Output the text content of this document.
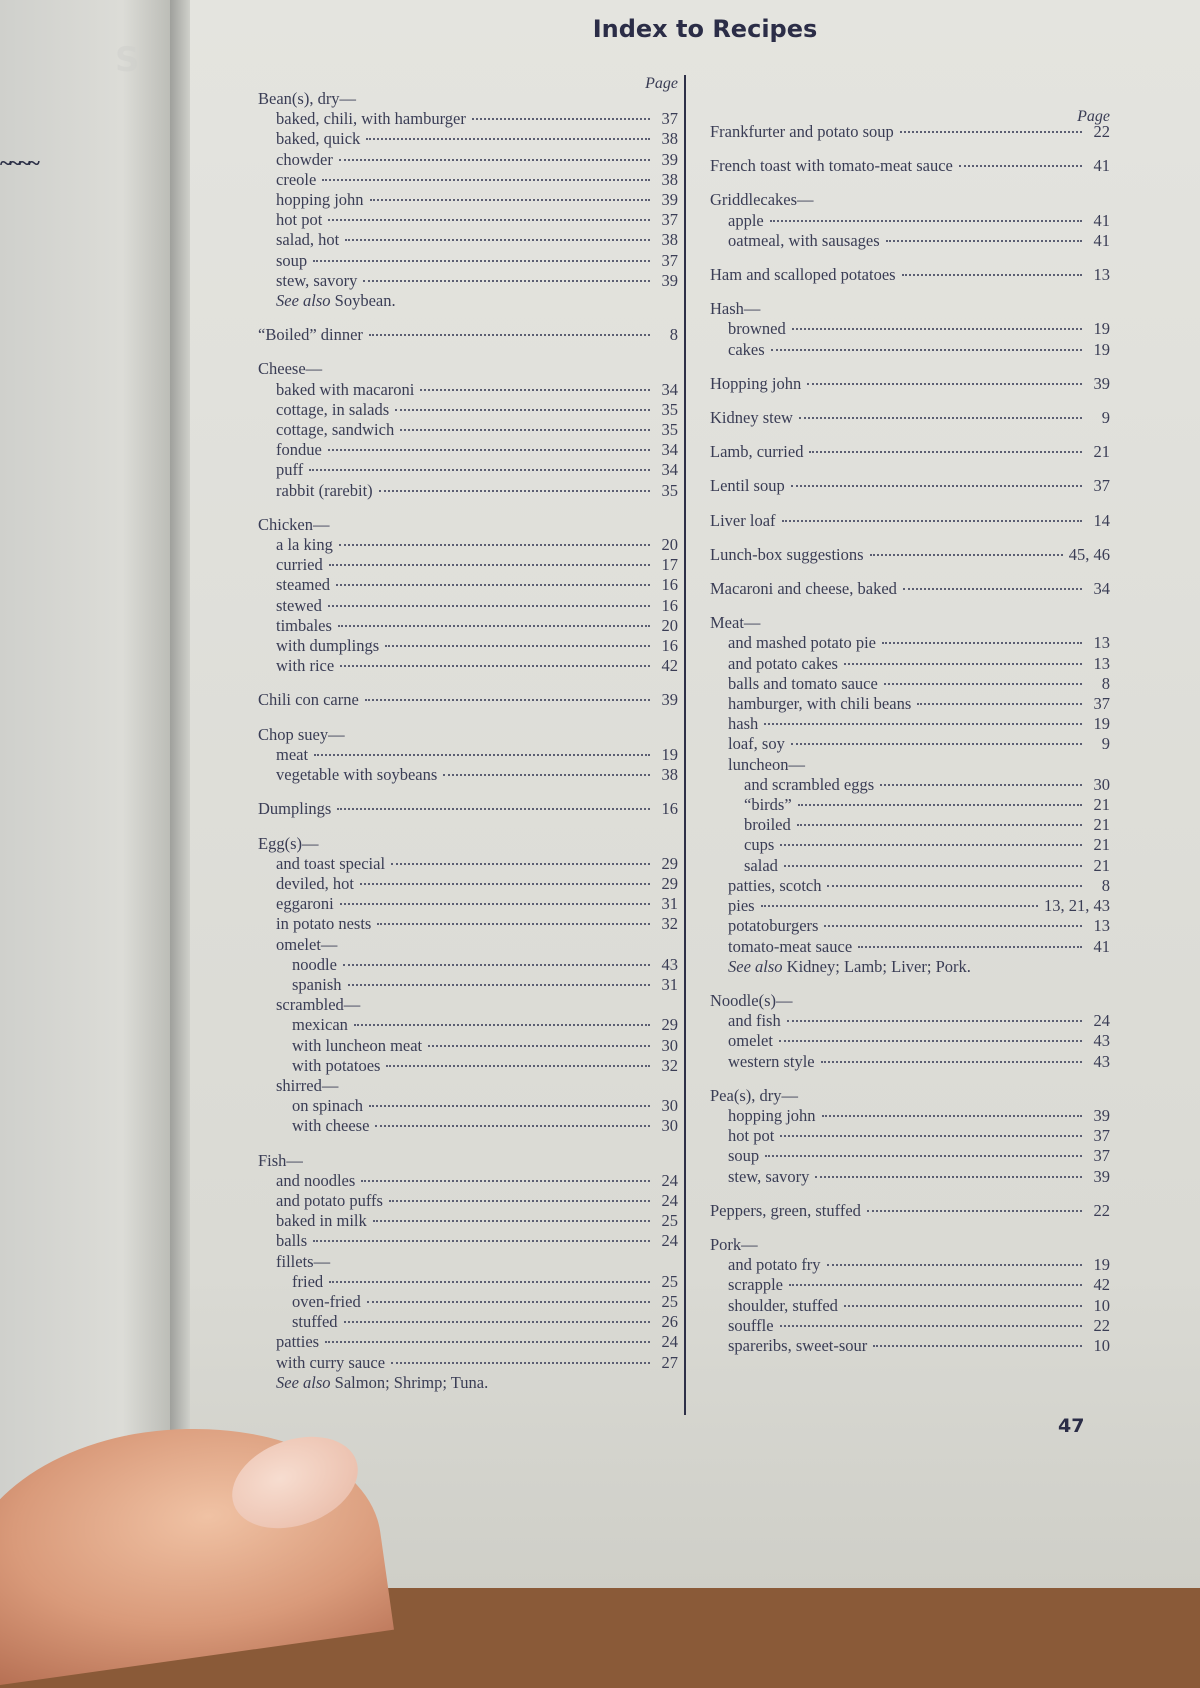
S
~~~~
Index to Recipes
Page
Bean(s), dry—
baked, chili, with hamburger	37
baked, quick	38
chowder	39
creole	38
hopping john	39
hot pot	37
salad, hot	38
soup	37
stew, savory	39
See also Soybean.
“Boiled” dinner	8
Cheese—
baked with macaroni	34
cottage, in salads	35
cottage, sandwich	35
fondue	34
puff	34
rabbit (rarebit)	35
Chicken—
a la king	20
curried	17
steamed	16
stewed	16
timbales	20
with dumplings	16
with rice	42
Chili con carne	39
Chop suey—
meat	19
vegetable with soybeans	38
Dumplings	16
Egg(s)—
and toast special	29
deviled, hot	29
eggaroni	31
in potato nests	32
omelet—
noodle	43
spanish	31
scrambled—
mexican	29
with luncheon meat	30
with potatoes	32
shirred—
on spinach	30
with cheese	30
Fish—
and noodles	24
and potato puffs	24
baked in milk	25
balls	24
fillets—
fried	25
oven-fried	25
stuffed	26
patties	24
with curry sauce	27
See also Salmon; Shrimp; Tuna.
Page
Frankfurter and potato soup	22
French toast with tomato-meat sauce	41
Griddlecakes—
apple	41
oatmeal, with sausages	41
Ham and scalloped potatoes	13
Hash—
browned	19
cakes	19
Hopping john	39
Kidney stew	9
Lamb, curried	21
Lentil soup	37
Liver loaf	14
Lunch-box suggestions	45, 46
Macaroni and cheese, baked	34
Meat—
and mashed potato pie	13
and potato cakes	13
balls and tomato sauce	8
hamburger, with chili beans	37
hash	19
loaf, soy	9
luncheon—
and scrambled eggs	30
“birds”	21
broiled	21
cups	21
salad	21
patties, scotch	8
pies	13, 21, 43
potatoburgers	13
tomato-meat sauce	41
See also Kidney; Lamb; Liver; Pork.
Noodle(s)—
and fish	24
omelet	43
western style	43
Pea(s), dry—
hopping john	39
hot pot	37
soup	37
stew, savory	39
Peppers, green, stuffed	22
Pork—
and potato fry	19
scrapple	42
shoulder, stuffed	10
souffle	22
spareribs, sweet-sour	10
47
